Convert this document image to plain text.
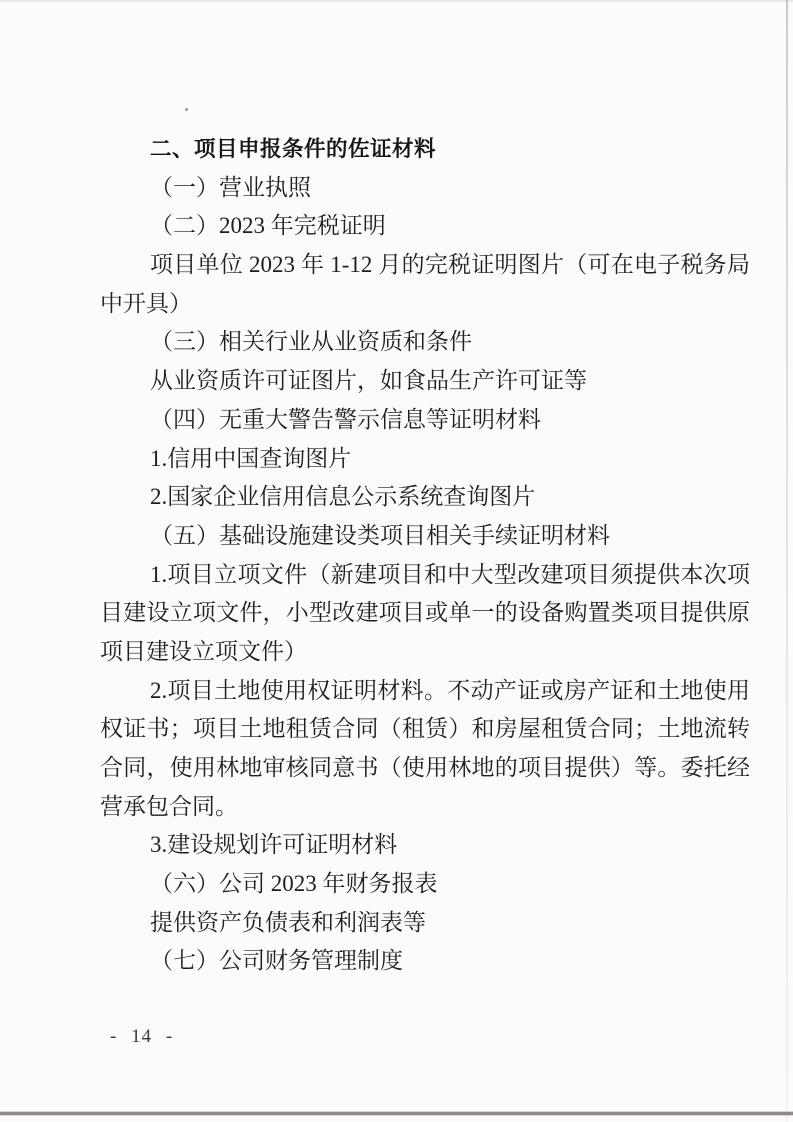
二、项目申报条件的佐证材料
（一）营业执照
（二）2023 年完税证明
项目单位 2023 年 1-12 月的完税证明图片（可在电子税务局
中开具）
（三）相关行业从业资质和条件
从业资质许可证图片，如食品生产许可证等
（四）无重大警告警示信息等证明材料
1.信用中国查询图片
2.国家企业信用信息公示系统查询图片
（五）基础设施建设类项目相关手续证明材料
1.项目立项文件（新建项目和中大型改建项目须提供本次项
目建设立项文件，小型改建项目或单一的设备购置类项目提供原
项目建设立项文件）
2.项目土地使用权证明材料。不动产证或房产证和土地使用
权证书；项目土地租赁合同（租赁）和房屋租赁合同；土地流转
合同，使用林地审核同意书（使用林地的项目提供）等。委托经
营承包合同。
3.建设规划许可证明材料
（六）公司 2023 年财务报表
提供资产负债表和利润表等
（七）公司财务管理制度
- 14 -
